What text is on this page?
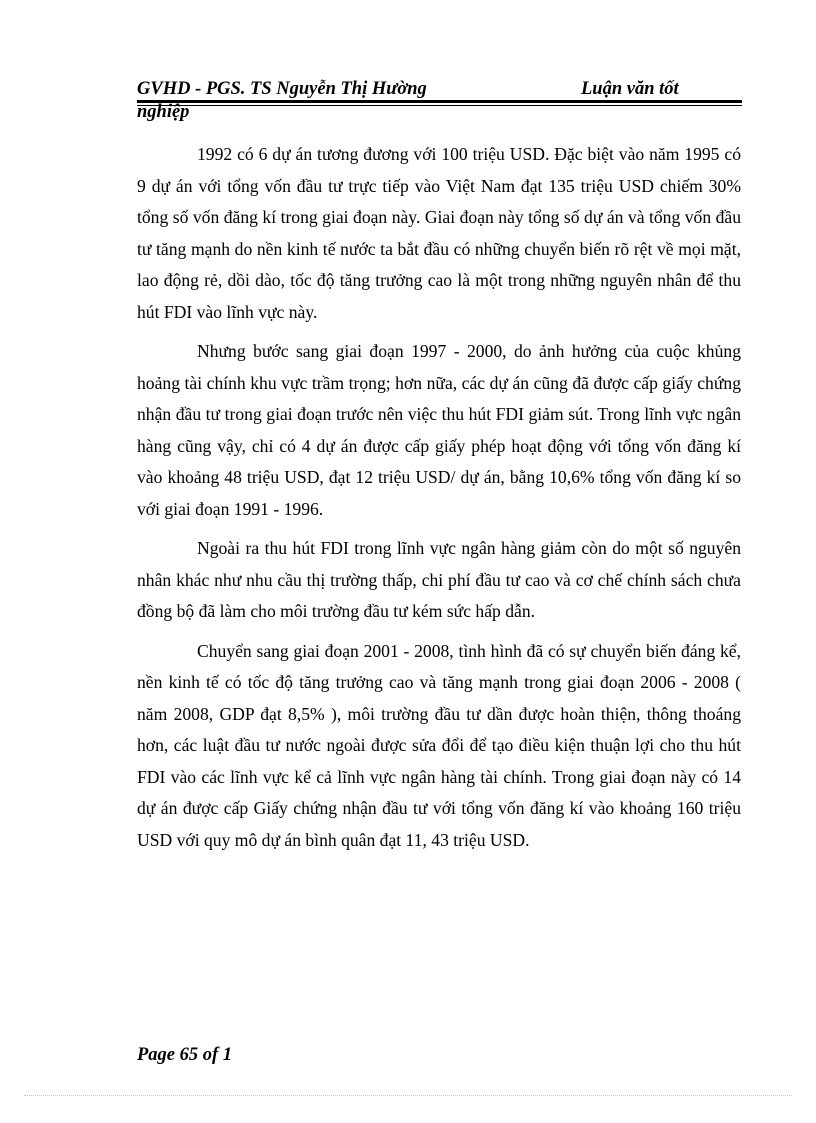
GVHD - PGS. TS Nguyễn Thị Hường	Luận văn tốt
nghiệp

1992 có 6 dự án tương đương với 100 triệu USD. Đặc biệt vào năm 1995 có 9 dự án với tổng vốn đầu tư trực tiếp vào Việt Nam đạt 135 triệu USD chiếm 30% tổng số vốn đăng kí trong giai đoạn này. Giai đoạn này tổng số dự án và tổng vốn đầu tư tăng mạnh do nền kinh tế nước ta bắt đầu có những chuyển biến rõ rệt về mọi mặt, lao động rẻ, dồi dào, tốc độ tăng trưởng cao là một trong những nguyên nhân để thu hút FDI vào lĩnh vực này.

Nhưng bước sang giai đoạn 1997 - 2000, do ảnh hưởng của cuộc khủng hoảng tài chính khu vực trầm trọng; hơn nữa, các dự án cũng đã được cấp giấy chứng nhận đầu tư trong giai đoạn trước nên việc thu hút FDI giảm sút. Trong lĩnh vực ngân hàng cũng vậy, chỉ có 4 dự án được cấp giấy phép hoạt động với tổng vốn đăng kí vào khoảng 48 triệu USD, đạt 12 triệu USD/ dự án, bằng 10,6% tổng vốn đăng kí so với giai đoạn 1991 - 1996.

Ngoài ra thu hút FDI trong lĩnh vực ngân hàng giảm còn do một số nguyên nhân khác như nhu cầu thị trường thấp, chi phí đầu tư cao và cơ chế chính sách chưa đồng bộ đã làm cho môi trường đầu tư kém sức hấp dẫn.

Chuyển sang giai đoạn 2001 - 2008, tình hình đã có sự chuyển biến đáng kể, nền kinh tế có tốc độ tăng trưởng cao và tăng mạnh trong giai đoạn 2006 - 2008 ( năm 2008, GDP đạt 8,5% ), môi trường đầu tư dần được hoàn thiện, thông thoáng hơn, các luật đầu tư nước ngoài được sửa đổi để tạo điều kiện thuận lợi cho thu hút FDI vào các lĩnh vực kể cả lĩnh vực ngân hàng tài chính. Trong giai đoạn này có 14 dự án được cấp Giấy chứng nhận đầu tư với tổng vốn đăng kí vào khoảng 160 triệu USD với quy mô dự án bình quân đạt 11, 43 triệu USD.

Page 65 of 1
